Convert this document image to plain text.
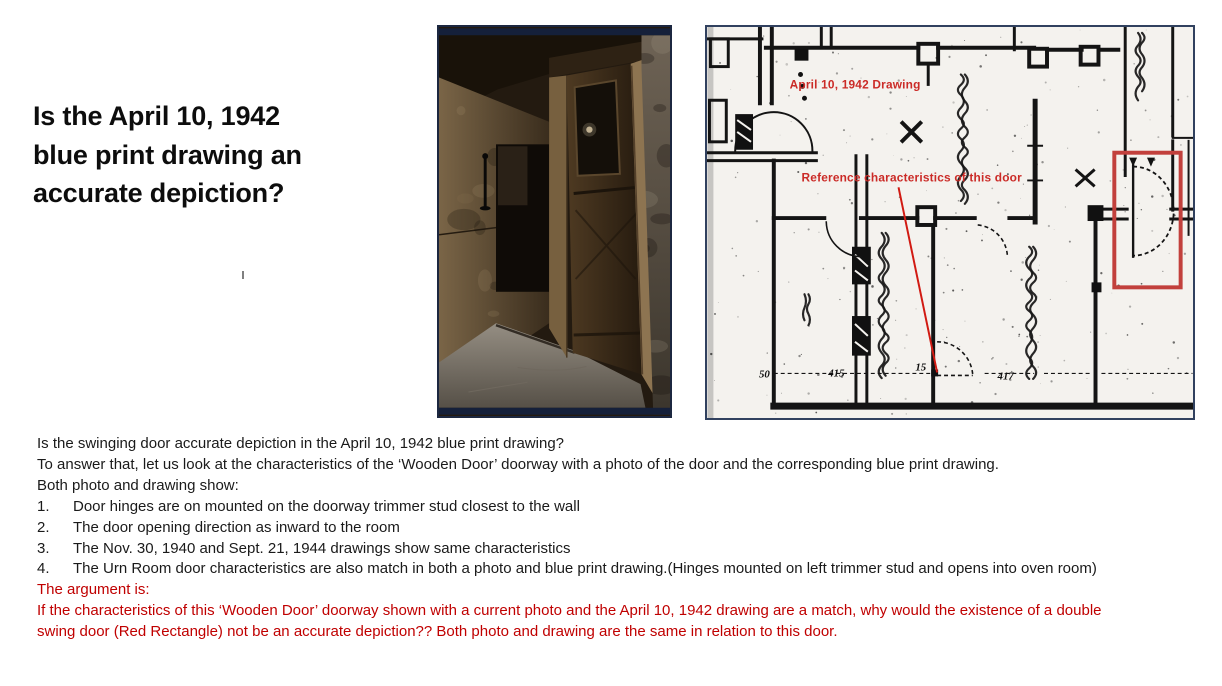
Is the April 10, 1942
blue print drawing an
accurate depiction?
50	415	15
417
April 10, 1942 Drawing
Reference characteristics of this door
Is the swinging door accurate depiction in the April 10, 1942 blue print drawing?
To answer that, let us look at the characteristics of the ‘Wooden Door’ doorway with a photo of the door and the corresponding blue print drawing.
Both photo and drawing show:
1.	Door hinges are on mounted on the doorway trimmer stud closest to the wall
2.	The door opening direction as inward to the room
3.	The Nov. 30, 1940 and Sept. 21, 1944 drawings show same characteristics
4.	The Urn Room door characteristics are also match in both a photo and blue print drawing.(Hinges mounted on left trimmer stud and opens into oven room)
The argument is:
If the characteristics of this ‘Wooden Door’ doorway shown with a current photo and the April 10, 1942 drawing are a match, why would the existence of a double
swing door (Red Rectangle) not be an accurate depiction?? Both photo and drawing are the same in relation to this door.
